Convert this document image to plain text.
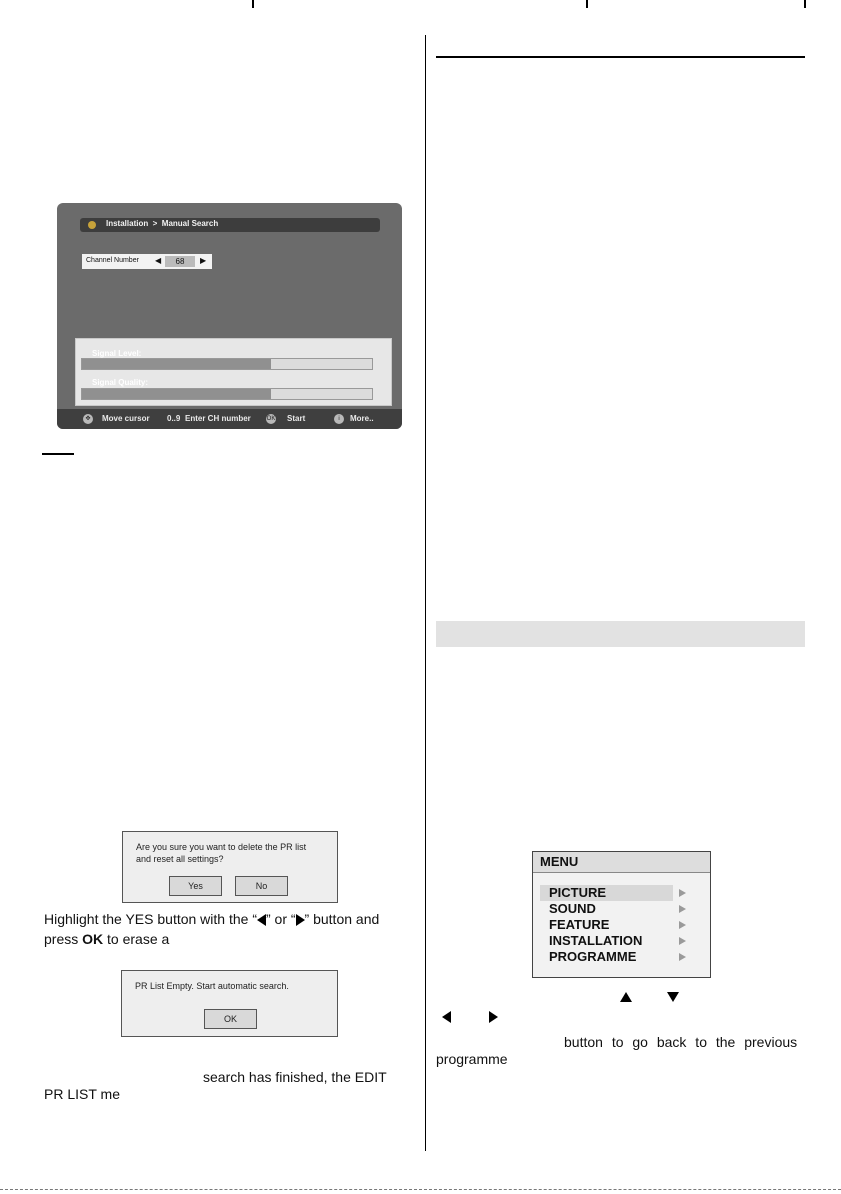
Installation  >  Manual Search
Channel Number ◀	68	▶
Signal Level:
Signal Quality:
✥	Move cursor 0..9 Enter CH number	OK Start	i	More..
Are you sure you want to delete the PR list
and reset all settings?
Yes	No
Highlight the YES button with the “ ” or “ ” button and
press OK to erase a
PR List Empty. Start automatic search.
OK
search has finished, the EDIT
PR LIST me
MENU
PICTURE
SOUND
FEATURE
INSTALLATION
PROGRAMME
button to go back to the previous
programme
